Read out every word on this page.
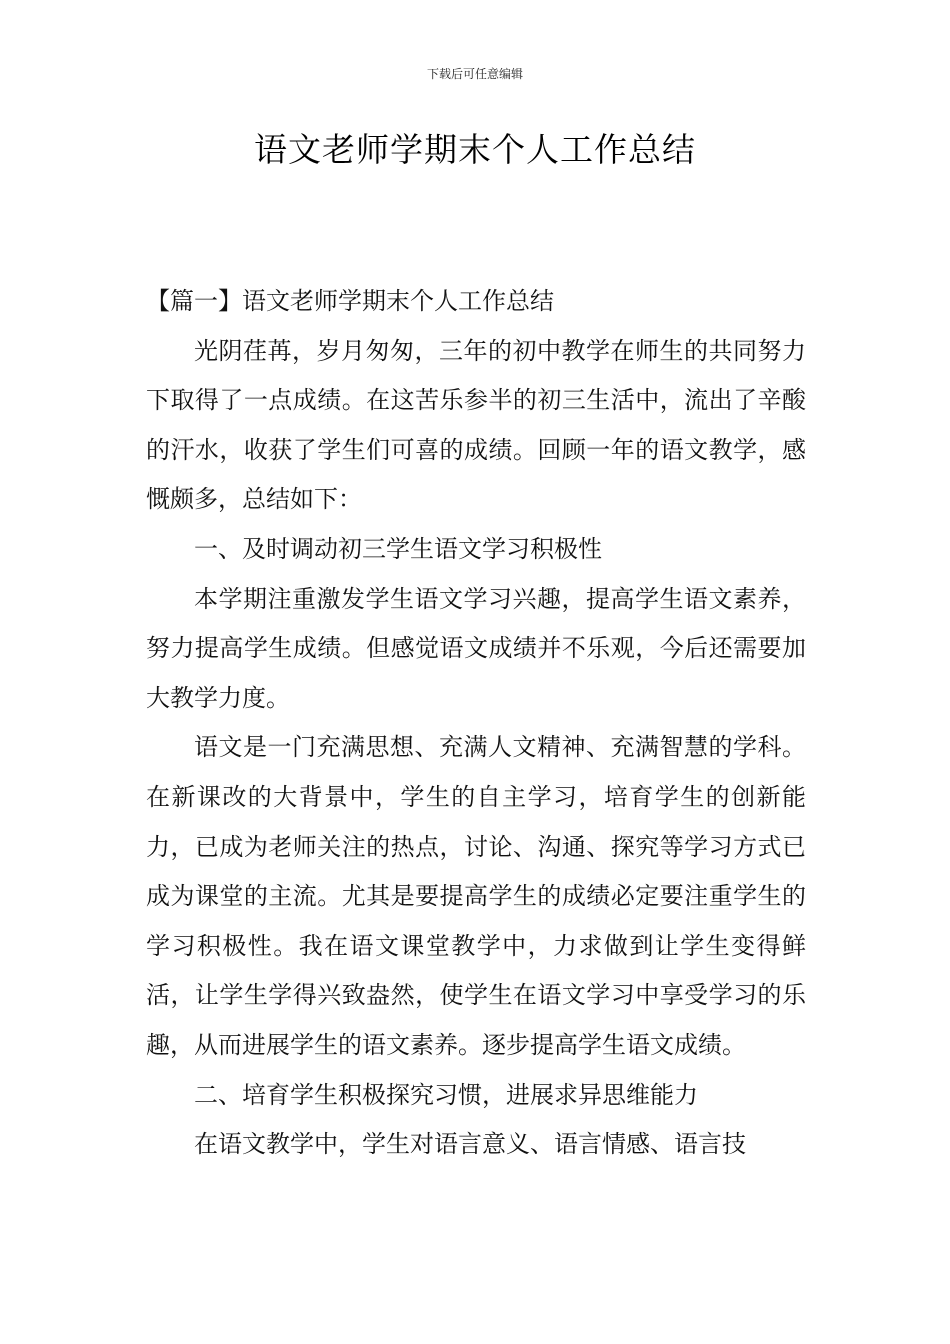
下载后可任意编辑
语文老师学期末个人工作总结

【篇一】语文老师学期末个人工作总结

光阴荏苒，岁月匆匆，三年的初中教学在师生的共同努力下取得了一点成绩。在这苦乐参半的初三生活中，流出了辛酸的汗水，收获了学生们可喜的成绩。回顾一年的语文教学，感慨颇多，总结如下：

一、及时调动初三学生语文学习积极性

本学期注重激发学生语文学习兴趣，提高学生语文素养，努力提高学生成绩。但感觉语文成绩并不乐观，今后还需要加大教学力度。

语文是一门充满思想、充满人文精神、充满智慧的学科。在新课改的大背景中，学生的自主学习，培育学生的创新能力，已成为老师关注的热点，讨论、沟通、探究等学习方式已成为课堂的主流。尤其是要提高学生的成绩必定要注重学生的学习积极性。我在语文课堂教学中，力求做到让学生变得鲜活，让学生学得兴致盎然，使学生在语文学习中享受学习的乐趣，从而进展学生的语文素养。逐步提高学生语文成绩。

二、培育学生积极探究习惯，进展求异思维能力

在语文教学中，学生对语言意义、语言情感、语言技
